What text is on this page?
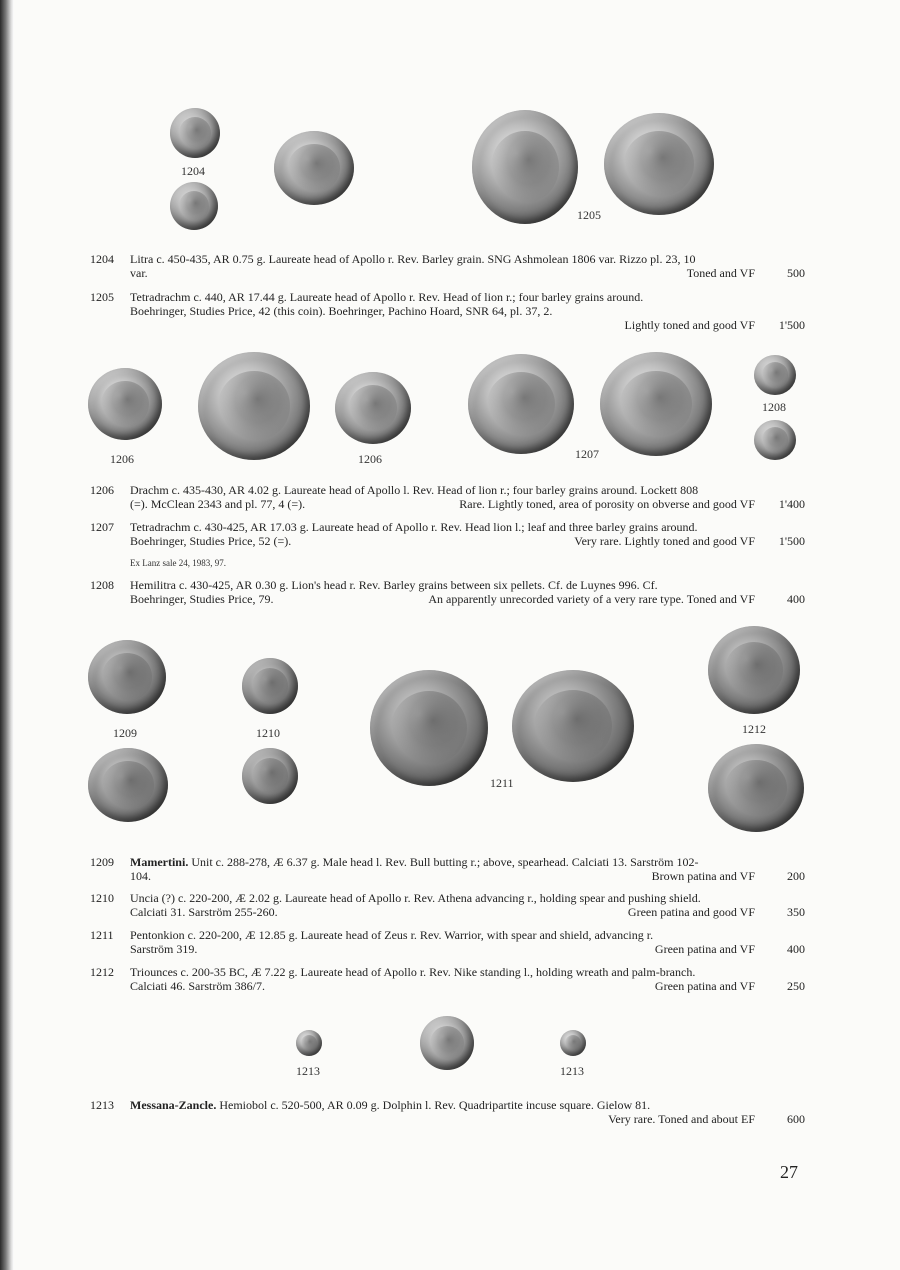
1204
1205
1204	Litra c. 450-435, AR 0.75 g. Laureate head of Apollo r. Rev. Barley grain. SNG Ashmolean 1806 var. Rizzo pl. 23, 10
var.	Toned and VF	500
1205	Tetradrachm c. 440, AR 17.44 g. Laureate head of Apollo r. Rev. Head of lion r.; four barley grains around.
Boehringer, Studies Price, 42 (this coin). Boehringer, Pachino Hoard, SNR 64, pl. 37, 2.
Lightly toned and good VF	1'500
1206	1206	1207
1208
1206	Drachm c. 435-430, AR 4.02 g. Laureate head of Apollo l. Rev. Head of lion r.; four barley grains around. Lockett 808
(=). McClean 2343 and pl. 77, 4 (=).	Rare. Lightly toned, area of porosity on obverse and good VF	1'400
1207	Tetradrachm c. 430-425, AR 17.03 g. Laureate head of Apollo r. Rev. Head lion l.; leaf and three barley grains around.
Boehringer, Studies Price, 52 (=).	Very rare. Lightly toned and good VF	1'500
Ex Lanz sale 24, 1983, 97.
1208	Hemilitra c. 430-425, AR 0.30 g. Lion's head r. Rev. Barley grains between six pellets. Cf. de Luynes 996. Cf.
Boehringer, Studies Price, 79.	An apparently unrecorded variety of a very rare type. Toned and VF	400
1209	1210
1211
1212
1209	Mamertini. Unit c. 288-278, Æ 6.37 g. Male head l. Rev. Bull butting r.; above, spearhead. Calciati 13. Sarström 102-
104.	Brown patina and VF	200
1210	Uncia (?) c. 220-200, Æ 2.02 g. Laureate head of Apollo r. Rev. Athena advancing r., holding spear and pushing shield.
Calciati 31. Sarström 255-260.	Green patina and good VF	350
1211	Pentonkion c. 220-200, Æ 12.85 g. Laureate head of Zeus r. Rev. Warrior, with spear and shield, advancing r.
Sarström 319.	Green patina and VF	400
1212	Triounces c. 200-35 BC, Æ 7.22 g. Laureate head of Apollo r. Rev. Nike standing l., holding wreath and palm-branch.
Calciati 46. Sarström 386/7.	Green patina and VF	250
1213	1213
1213	Messana-Zancle. Hemiobol c. 520-500, AR 0.09 g. Dolphin l. Rev. Quadripartite incuse square. Gielow 81.
Very rare. Toned and about EF	600
27
